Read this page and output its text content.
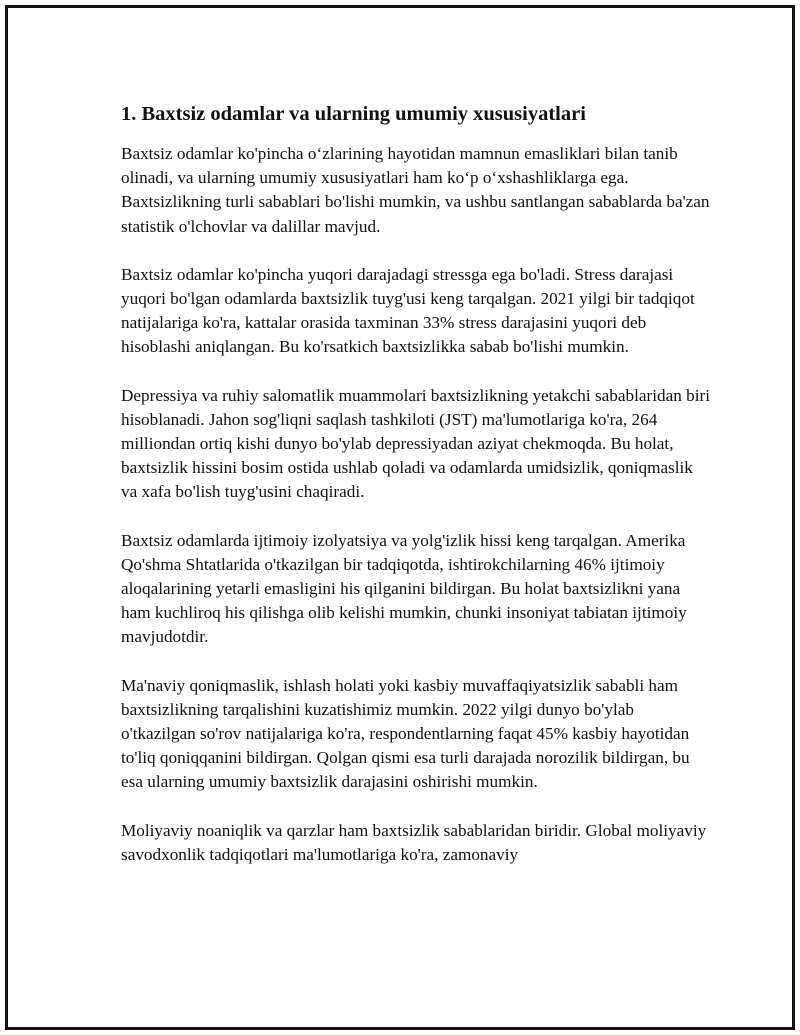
1. Baxtsiz odamlar va ularning umumiy xususiyatlari

Baxtsiz odamlar ko'pincha oʻzlarining hayotidan mamnun emasliklari bilan tanib olinadi, va ularning umumiy xususiyatlari ham koʻp oʻxshashliklarga ega. Baxtsizlikning turli sabablari bo'lishi mumkin, va ushbu santlangan sabablarda ba'zan statistik o'lchovlar va dalillar mavjud.

Baxtsiz odamlar ko'pincha yuqori darajadagi stressga ega bo'ladi. Stress darajasi yuqori bo'lgan odamlarda baxtsizlik tuyg'usi keng tarqalgan. 2021 yilgi bir tadqiqot natijalariga ko'ra, kattalar orasida taxminan 33% stress darajasini yuqori deb hisoblashi aniqlangan. Bu ko'rsatkich baxtsizlikka sabab bo'lishi mumkin.

Depressiya va ruhiy salomatlik muammolari baxtsizlikning yetakchi sabablaridan biri hisoblanadi. Jahon sog'liqni saqlash tashkiloti (JST) ma'lumotlariga ko'ra, 264 milliondan ortiq kishi dunyo bo'ylab depressiyadan aziyat chekmoqda. Bu holat, baxtsizlik hissini bosim ostida ushlab qoladi va odamlarda umidsizlik, qoniqmaslik va xafa bo'lish tuyg'usini chaqiradi.

Baxtsiz odamlarda ijtimoiy izolyatsiya va yolg'izlik hissi keng tarqalgan. Amerika Qo'shma Shtatlarida o'tkazilgan bir tadqiqotda, ishtirokchilarning 46% ijtimoiy aloqalarining yetarli emasligini his qilganini bildirgan. Bu holat baxtsizlikni yana ham kuchliroq his qilishga olib kelishi mumkin, chunki insoniyat tabiatan ijtimoiy mavjudotdir.

Ma'naviy qoniqmaslik, ishlash holati yoki kasbiy muvaffaqiyatsizlik sababli ham baxtsizlikning tarqalishini kuzatishimiz mumkin. 2022 yilgi dunyo bo'ylab o'tkazilgan so'rov natijalariga ko'ra, respondentlarning faqat 45% kasbiy hayotidan to'liq qoniqqanini bildirgan. Qolgan qismi esa turli darajada norozilik bildirgan, bu esa ularning umumiy baxtsizlik darajasini oshirishi mumkin.

Moliyaviy noaniqlik va qarzlar ham baxtsizlik sabablaridan biridir. Global moliyaviy savodxonlik tadqiqotlari ma'lumotlariga ko'ra, zamonaviy
